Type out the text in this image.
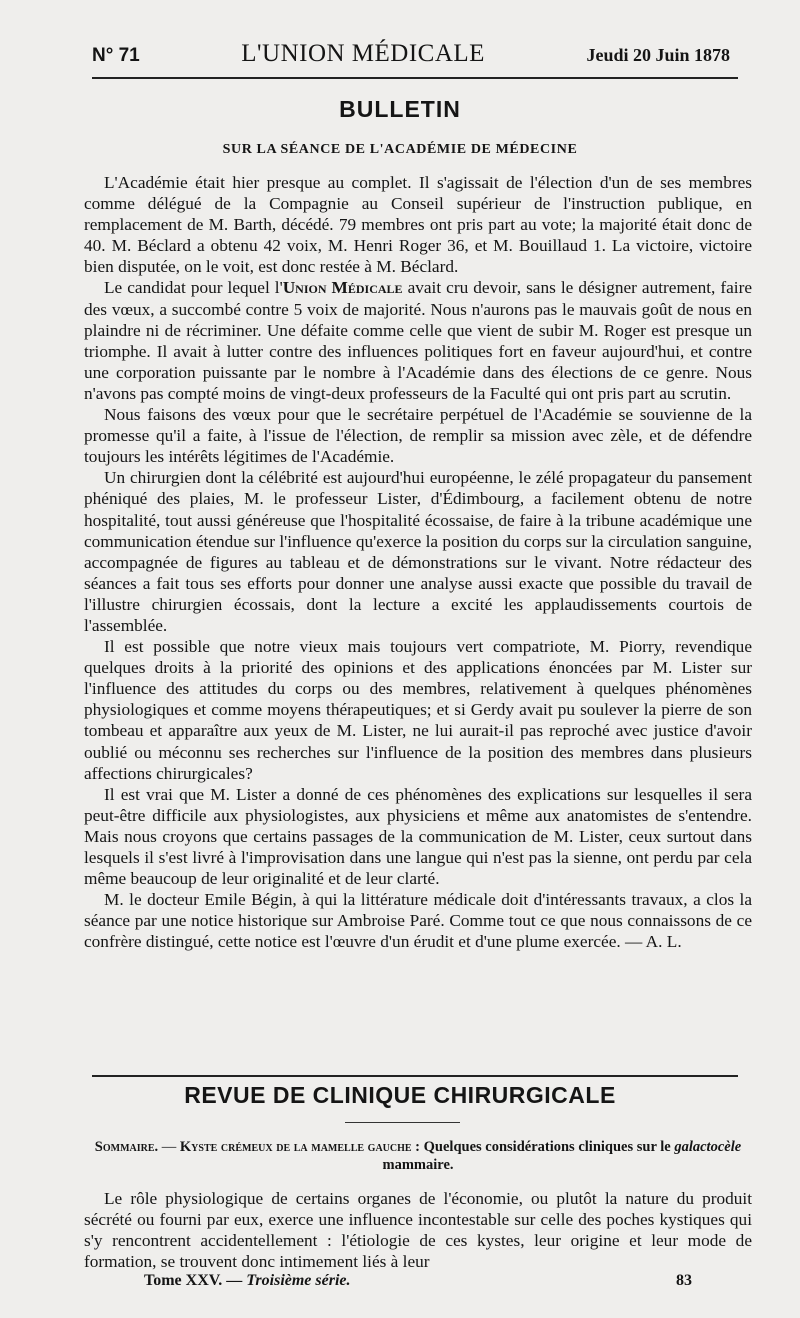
N° 71	L'UNION MÉDICALE	Jeudi 20 Juin 1878
BULLETIN
SUR LA SÉANCE DE L'ACADÉMIE DE MÉDECINE

L'Académie était hier presque au complet. Il s'agissait de l'élection d'un de ses membres comme délégué de la Compagnie au Conseil supérieur de l'instruction publique, en remplacement de M. Barth, décédé. 79 membres ont pris part au vote; la majorité était donc de 40. M. Béclard a obtenu 42 voix, M. Henri Roger 36, et M. Bouillaud 1. La victoire, victoire bien disputée, on le voit, est donc restée à M. Béclard.

Le candidat pour lequel l'Union Médicale avait cru devoir, sans le désigner autrement, faire des vœux, a succombé contre 5 voix de majorité. Nous n'aurons pas le mauvais goût de nous en plaindre ni de récriminer. Une défaite comme celle que vient de subir M. Roger est presque un triomphe. Il avait à lutter contre des influences politiques fort en faveur aujourd'hui, et contre une corporation puissante par le nombre à l'Académie dans des élections de ce genre. Nous n'avons pas compté moins de vingt-deux professeurs de la Faculté qui ont pris part au scrutin.

Nous faisons des vœux pour que le secrétaire perpétuel de l'Académie se souvienne de la promesse qu'il a faite, à l'issue de l'élection, de remplir sa mission avec zèle, et de défendre toujours les intérêts légitimes de l'Académie.

Un chirurgien dont la célébrité est aujourd'hui européenne, le zélé propagateur du pansement phéniqué des plaies, M. le professeur Lister, d'Édimbourg, a facilement obtenu de notre hospitalité, tout aussi généreuse que l'hospitalité écossaise, de faire à la tribune académique une communication étendue sur l'influence qu'exerce la position du corps sur la circulation sanguine, accompagnée de figures au tableau et de démonstrations sur le vivant. Notre rédacteur des séances a fait tous ses efforts pour donner une analyse aussi exacte que possible du travail de l'illustre chirurgien écossais, dont la lecture a excité les applaudissements courtois de l'assemblée.

Il est possible que notre vieux mais toujours vert compatriote, M. Piorry, revendique quelques droits à la priorité des opinions et des applications énoncées par M. Lister sur l'influence des attitudes du corps ou des membres, relativement à quelques phénomènes physiologiques et comme moyens thérapeutiques; et si Gerdy avait pu soulever la pierre de son tombeau et apparaître aux yeux de M. Lister, ne lui aurait-il pas reproché avec justice d'avoir oublié ou méconnu ses recherches sur l'influence de la position des membres dans plusieurs affections chirurgicales?

Il est vrai que M. Lister a donné de ces phénomènes des explications sur lesquelles il sera peut-être difficile aux physiologistes, aux physiciens et même aux anatomistes de s'entendre. Mais nous croyons que certains passages de la communication de M. Lister, ceux surtout dans lesquels il s'est livré à l'improvisation dans une langue qui n'est pas la sienne, ont perdu par cela même beaucoup de leur originalité et de leur clarté.

M. le docteur Emile Bégin, à qui la littérature médicale doit d'intéressants travaux, a clos la séance par une notice historique sur Ambroise Paré. Comme tout ce que nous connaissons de ce confrère distingué, cette notice est l'œuvre d'un érudit et d'une plume exercée. — A. L.

REVUE DE CLINIQUE CHIRURGICALE
Sommaire. — Kyste crémeux de la mamelle gauche : Quelques considérations cliniques sur le galactocèle mammaire.

Le rôle physiologique de certains organes de l'économie, ou plutôt la nature du produit sécrété ou fourni par eux, exerce une influence incontestable sur celle des poches kystiques qui s'y rencontrent accidentellement : l'étiologie de ces kystes, leur origine et leur mode de formation, se trouvent donc intimement liés à leur

Tome XXV. — Troisième série.	83
